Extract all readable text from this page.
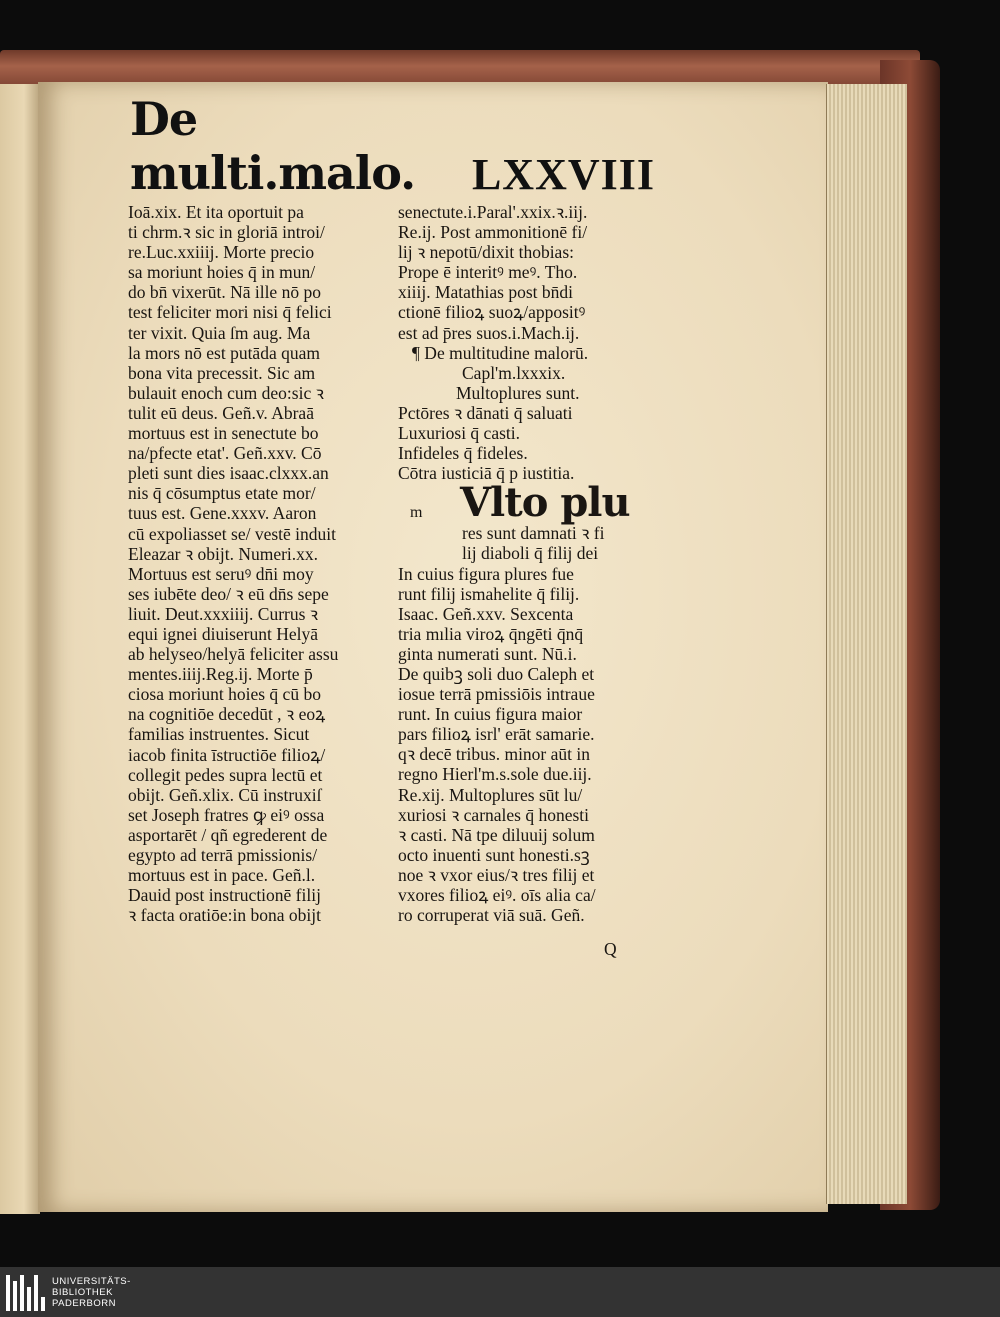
De multi.malo.	LXXVIII
Ioā.xix. Et ita oportuit pa
ti chrm.ꝛ sic in gloriā introi/
re.Luc.xxiiij. Morte precio
sa moriunt hoies q̄ in mun/
do bn̄ vixerūt. Nā ille nō po
test feliciter mori nisi q̄ felici
ter vixit. Quia ſm aug. Ma
la mors nō est putāda quam
bona vita precessit. Sic am
bulauit enoch cum deo:sic ꝛ
tulit eū deus. Geñ.v. Abraā
mortuus est in senectute bo
na/pfecte etat'. Geñ.xxv. Cō
pleti sunt dies isaac.clxxx.an
nis q̄ cōsumptus etate mor/
tuus est. Gene.xxxv. Aaron
cū expoliasset se/ vestē induit
Eleazar ꝛ obijt. Numeri.xx.
Mortuus est seruꝰ dn̄i moy
ses iubēte deo/ ꝛ eū dn̄s sepe
liuit. Deut.xxxiiij. Currus ꝛ
equi ignei diuiserunt Helyā
ab helyseo/helyā feliciter assu
mentes.iiij.Reg.ij. Morte p̄
ciosa moriunt hoies q̄ cū bo
na cognitiōe decedūt , ꝛ eoꝝ
familias instruentes. Sicut
iacob finita īstructiōe filioꝝ/
collegit pedes supra lectū et
obijt. Geñ.xlix. Cū instruxiſ
set Joseph fratres ꝙ eiꝰ ossa
asportarēt / qñ egrederent de
egypto ad terrā pmissionis/
mortuus est in pace. Geñ.l.
Dauid post instructionē filij
ꝛ facta oratiōe:in bona obijt
senectute.i.Paral'.xxix.ꝛ.iij.
Re.ij. Post ammonitionē fi/
lij ꝛ nepotū/dixit thobias:
Prope ē interitꝰ meꝰ. Tho.
xiiij. Matathias post bn̄di
ctionē filioꝝ suoꝝ/appositꝰ
est ad p̄res suos.i.Mach.ij.
¶ De multitudine malorū.
Capl'm.lxxxix.
Multoplures sunt.
Pctōres ꝛ dānati q̄ saluati
Luxuriosi q̄ casti.
Infideles q̄ fideles.
Cōtra iusticiā q̄ p iustitia.
m Vlto plu
res sunt damnati ꝛ fi
lij diaboli q̄ filij dei
In cuius figura plures fue
runt filij ismahelite q̄ filij.
Isaac. Geñ.xxv. Sexcenta
tria mılia viroꝝ q̄ngēti q̄nq̄
ginta numerati sunt. Nū.i.
De quibꝫ soli duo Caleph et
iosue terrā pmissiōis intraue
runt. In cuius figura maior
pars filioꝝ isrl' erāt samarie.
qꝛ decē tribus. minor aūt in
regno Hierl'm.s.sole due.iij.
Re.xij. Multoplures sūt lu/
xuriosi ꝛ carnales q̄ honesti
ꝛ casti. Nā tpe diluuij solum
octo inuenti sunt honesti.sꝫ
noe ꝛ vxor eius/ꝛ tres filij et
vxores filioꝝ eiꝰ. oīs alia ca/
ro corruperat viā suā. Geñ.
Q
UNIVERSITÄTS-
BIBLIOTHEK
PADERBORN
